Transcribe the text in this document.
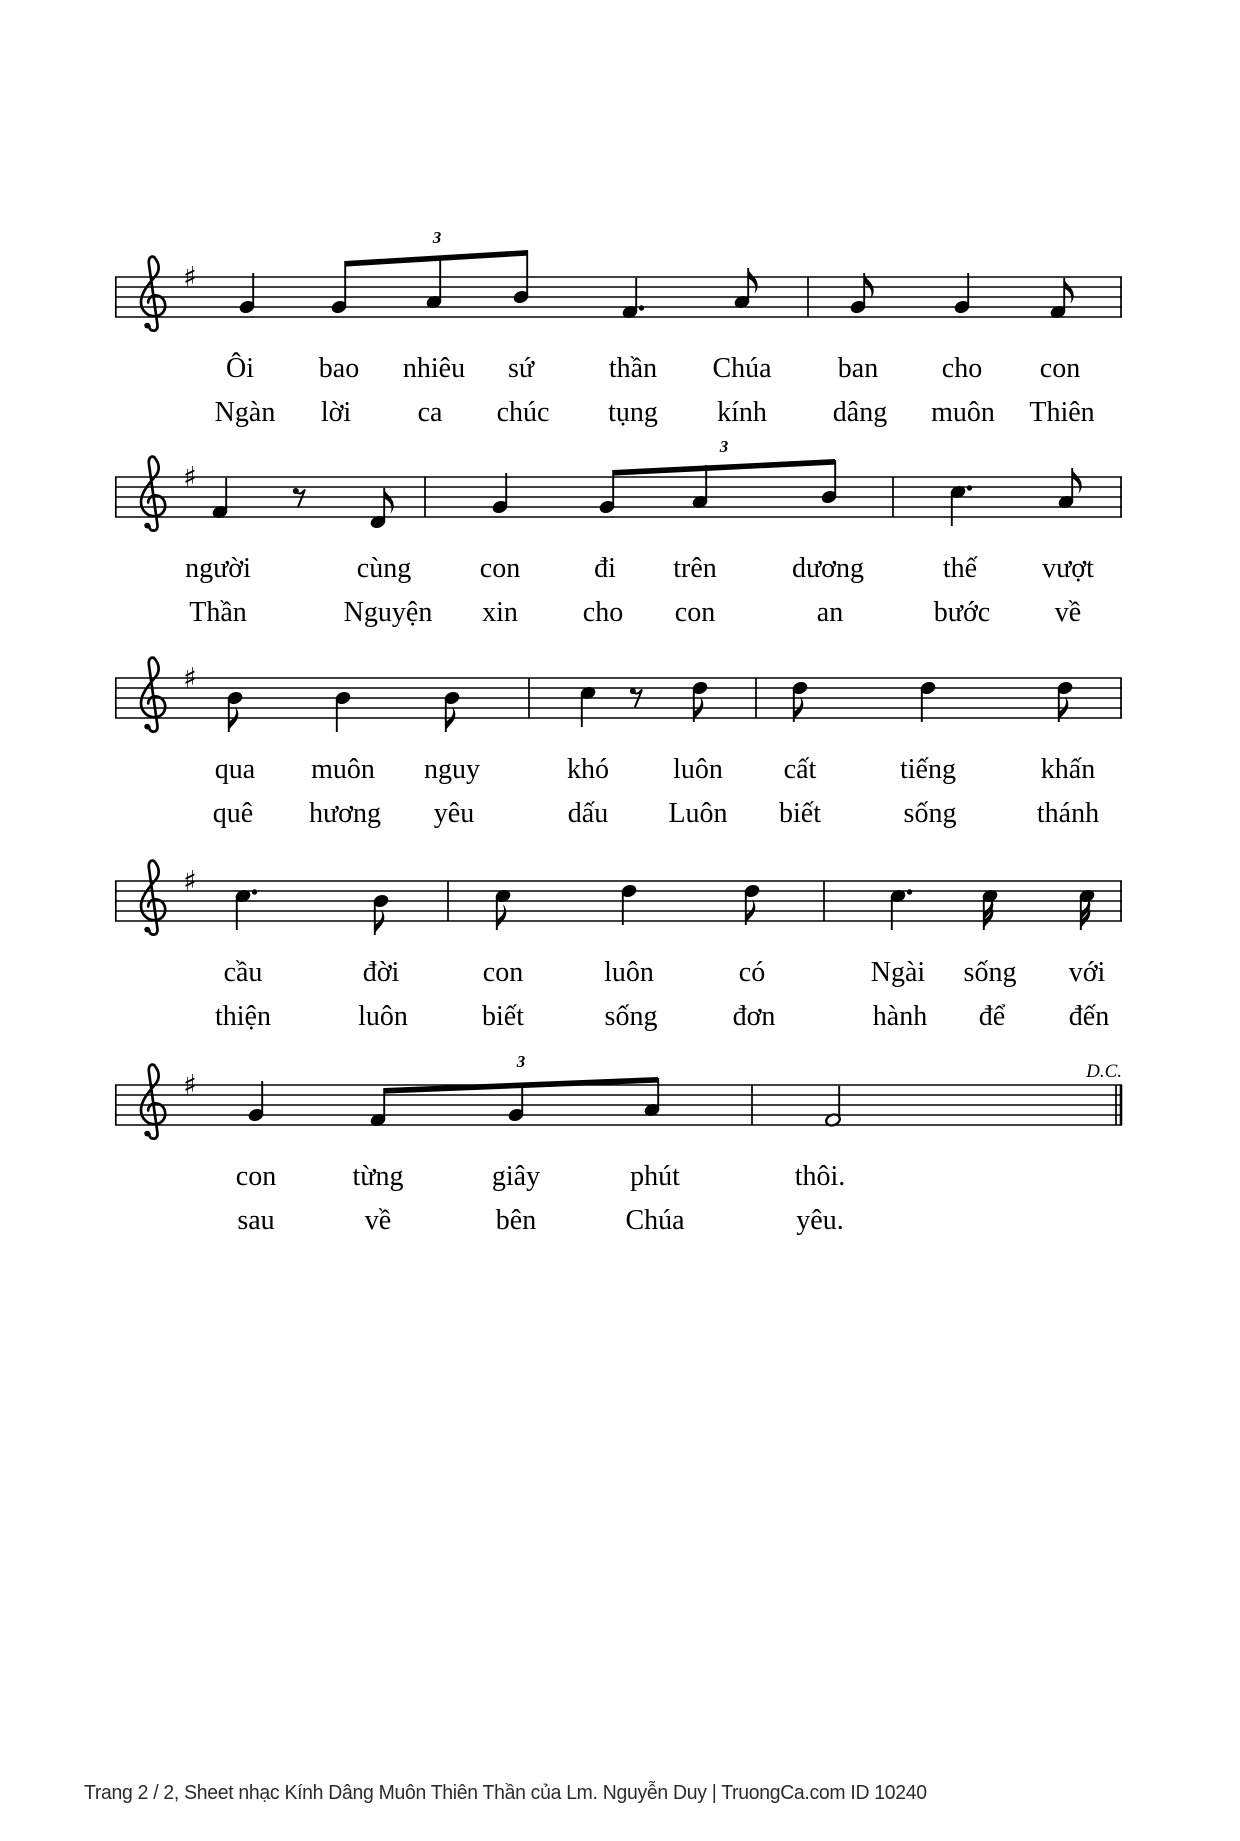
♯
3
Ôi bao nhiêu sứ	thần Chúa ban cho con
Ngàn lời ca chúc tụng kính dâng muôn Thiên
♯
3
người	cùng con	đi trên	dương	thế vượt
Thần	Nguyện xin cho con	an	bước về
♯
qua muôn nguy	khó luôn cất	tiếng	khấn
quê hương yêu	dấu Luôn biết	sống	thánh
♯
cầu	đời	con	luôn	có	Ngài sống với
thiện	luôn	biết	sống	đơn	hành để đến
♯
3	D.C.
con	từng	giây	phút	thôi.
sau	về	bên	Chúa	yêu.
Trang 2 / 2, Sheet nhạc Kính Dâng Muôn Thiên Thần của Lm. Nguyễn Duy | TruongCa.com ID 10240
